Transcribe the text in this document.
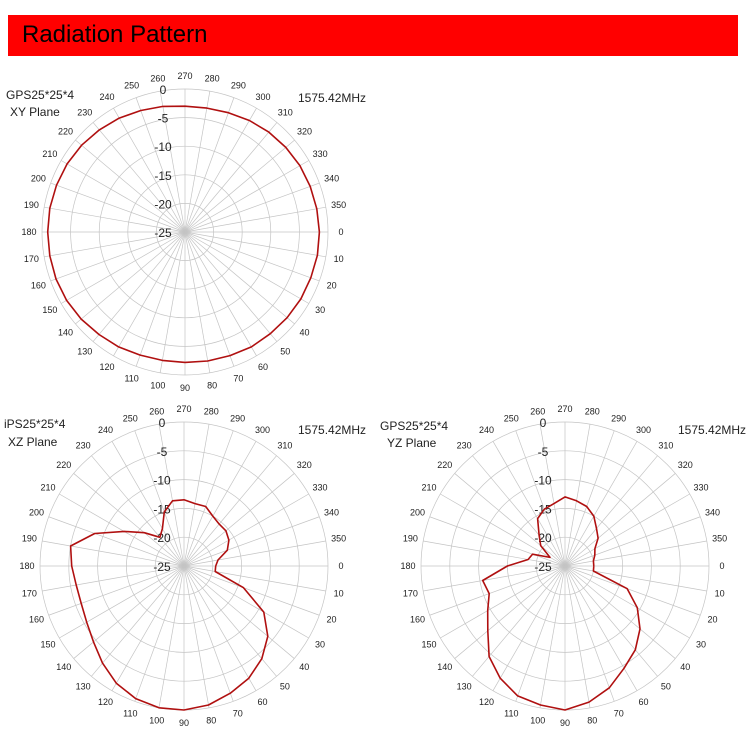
Radiation Pattern
0
10
20
30
40
50
60
70
80
90
100
110
120
130
140
150
160
170
180
190
200
210
220
230
240
250
260 270 280
290
300
310
320
330
340
350
0
-5
-10
-15
-20
-25
GPS25*25*4
XY Plane
1575.42MHz
0
10
20
30
40
50
60
70
80
90
100
110
120
130
140
150
160
170
180
190
200
210
220
230
240
250
260 270 280
290
300
310
320
330
340
350
0
-5
-10
-15
-20
-25
iPS25*25*4
XZ Plane
1575.42MHz
0
10
20
30
40
50
60
70
80
90
100
110
120
130
140
150
160
170
180
190
200
210
220
230
240
250
260 270 280
290
300
310
320
330
340
350
0
-5
-10
-15
-20
-25
GPS25*25*4
YZ Plane
1575.42MHz
